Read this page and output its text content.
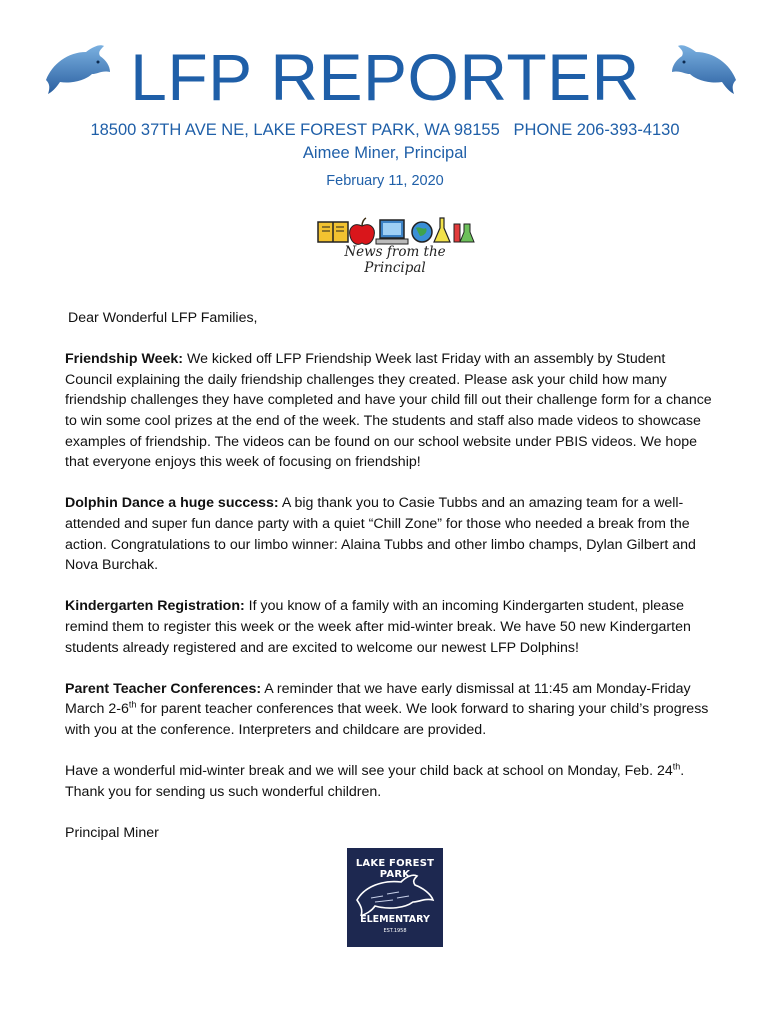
LFP REPORTER
18500 37TH AVE NE, LAKE FOREST PARK, WA 98155   PHONE 206-393-4130
Aimee Miner, Principal
February 11, 2020
News from the Principal

Dear Wonderful LFP Families,

Friendship Week: We kicked off LFP Friendship Week last Friday with an assembly by Student Council explaining the daily friendship challenges they created. Please ask your child how many friendship challenges they have completed and have your child fill out their challenge form for a chance to win some cool prizes at the end of the week. The students and staff also made videos to showcase examples of friendship. The videos can be found on our school website under PBIS videos. We hope that everyone enjoys this week of focusing on friendship!

Dolphin Dance a huge success: A big thank you to Casie Tubbs and an amazing team for a well-attended and super fun dance party with a quiet “Chill Zone” for those who needed a break from the action. Congratulations to our limbo winner: Alaina Tubbs and other limbo champs, Dylan Gilbert and Nova Burchak.

Kindergarten Registration: If you know of a family with an incoming Kindergarten student, please remind them to register this week or the week after mid-winter break. We have 50 new Kindergarten students already registered and are excited to welcome our newest LFP Dolphins!

Parent Teacher Conferences: A reminder that we have early dismissal at 11:45 am Monday-Friday March 2-6th for parent teacher conferences that week. We look forward to sharing your child’s progress with you at the conference. Interpreters and childcare are provided.

Have a wonderful mid-winter break and we will see your child back at school on Monday, Feb. 24th. Thank you for sending us such wonderful children.

Principal Miner

LAKE FOREST PARK
ELEMENTARY
EST.1958
